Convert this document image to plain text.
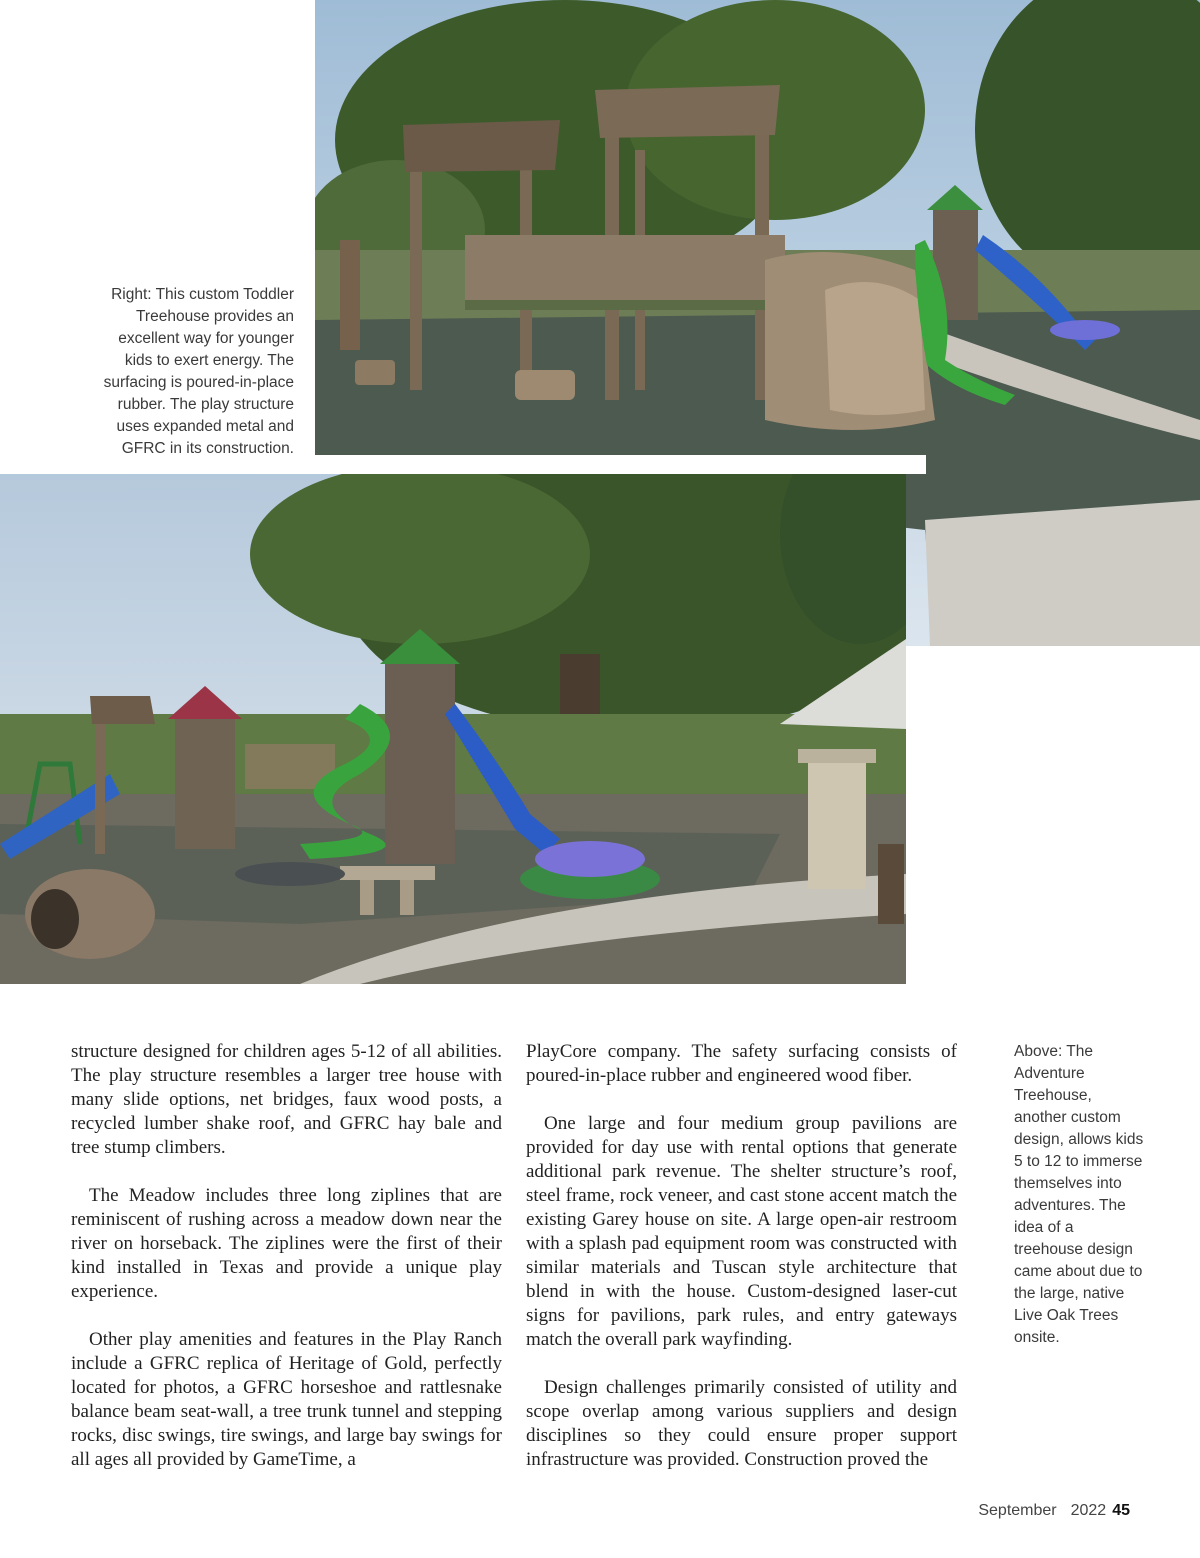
Right: This custom Toddler Treehouse provides an excellent way for younger kids to exert energy. The surfacing is poured-in-place rubber. The play structure uses expanded metal and GFRC in its construction.

structure designed for children ages 5-12 of all abilities. The play structure resembles a larger tree house with many slide options, net bridges, faux wood posts, a recycled lumber shake roof, and GFRC hay bale and tree stump climbers.

The Meadow includes three long ziplines that are reminiscent of rushing across a meadow down near the river on horseback. The ziplines were the first of their kind installed in Texas and provide a unique play experience.

Other play amenities and features in the Play Ranch include a GFRC replica of Heritage of Gold, perfectly located for photos, a GFRC horseshoe and rattlesnake balance beam seat-wall, a tree trunk tunnel and stepping rocks, disc swings, tire swings, and large bay swings for all ages all provided by GameTime, a

PlayCore company. The safety surfacing consists of poured-in-place rubber and engineered wood fiber.

One large and four medium group pavilions are provided for day use with rental options that generate additional park revenue. The shelter structure’s roof, steel frame, rock veneer, and cast stone accent match the existing Garey house on site. A large open-air restroom with a splash pad equipment room was constructed with similar materials and Tuscan style architecture that blend in with the house. Custom-designed laser-cut signs for pavilions, park rules, and entry gateways match the overall park wayfinding.

Design challenges primarily consisted of utility and scope overlap among various suppliers and design disciplines so they could ensure proper support infrastructure was provided. Construction proved the

Above: The Adventure Treehouse, another custom design, allows kids 5 to 12 to immerse themselves into adventures. The idea of a treehouse design came about due to the large, native Live Oak Trees onsite.
September 2022 45
